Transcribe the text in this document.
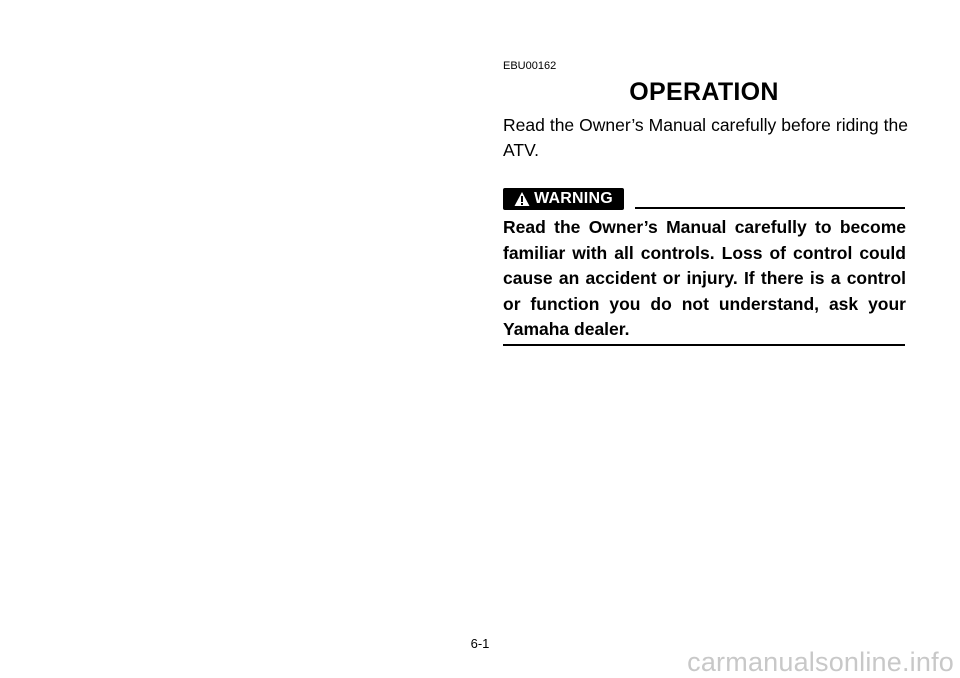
EBU00162
OPERATION
Read the Owner’s Manual carefully before riding the ATV.
WARNING
Read the Owner’s Manual carefully to become familiar with all controls. Loss of control could cause an accident or injury. If there is a control or function you do not understand, ask your Yamaha dealer.
6-1
carmanualsonline.info
